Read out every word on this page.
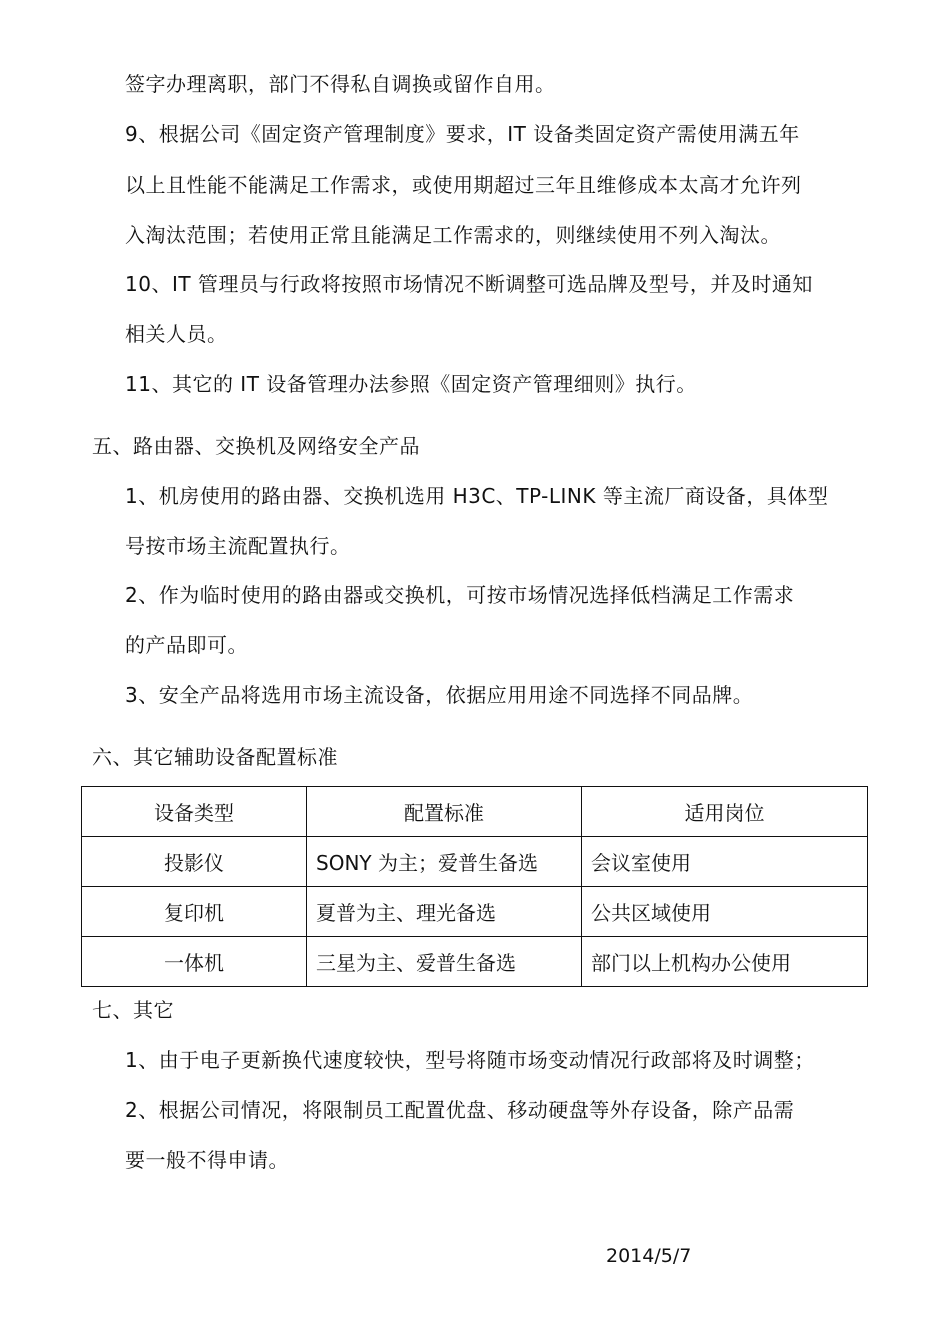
签字办理离职，部门不得私自调换或留作自用。
9、根据公司《固定资产管理制度》要求，IT 设备类固定资产需使用满五年
以上且性能不能满足工作需求，或使用期超过三年且维修成本太高才允许列
入淘汰范围；若使用正常且能满足工作需求的，则继续使用不列入淘汰。
10、IT 管理员与行政将按照市场情况不断调整可选品牌及型号，并及时通知
相关人员。
11、其它的 IT 设备管理办法参照《固定资产管理细则》执行。
五、路由器、交换机及网络安全产品
1、机房使用的路由器、交换机选用 H3C、TP-LINK 等主流厂商设备，具体型
号按市场主流配置执行。
2、作为临时使用的路由器或交换机，可按市场情况选择低档满足工作需求
的产品即可。
3、安全产品将选用市场主流设备，依据应用用途不同选择不同品牌。
六、其它辅助设备配置标准
设备类型	配置标准	适用岗位
投影仪	SONY 为主；爱普生备选	会议室使用
复印机	夏普为主、理光备选	公共区域使用
一体机	三星为主、爱普生备选	部门以上机构办公使用
七、其它
1、由于电子更新换代速度较快，型号将随市场变动情况行政部将及时调整；
2、根据公司情况，将限制员工配置优盘、移动硬盘等外存设备，除产品需
要一般不得申请。
2014/5/7
